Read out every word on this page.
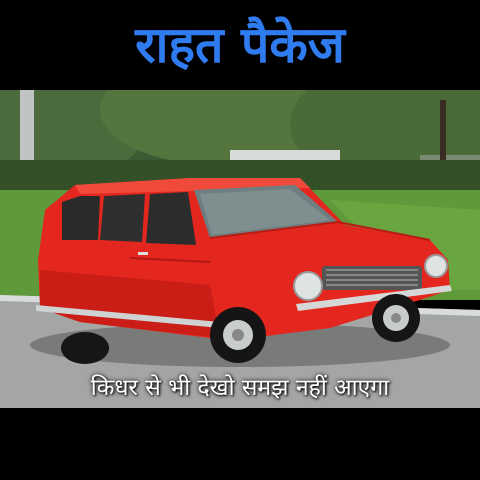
राहत पैकेज
किधर से भी देखो समझ नहीं आएगा
